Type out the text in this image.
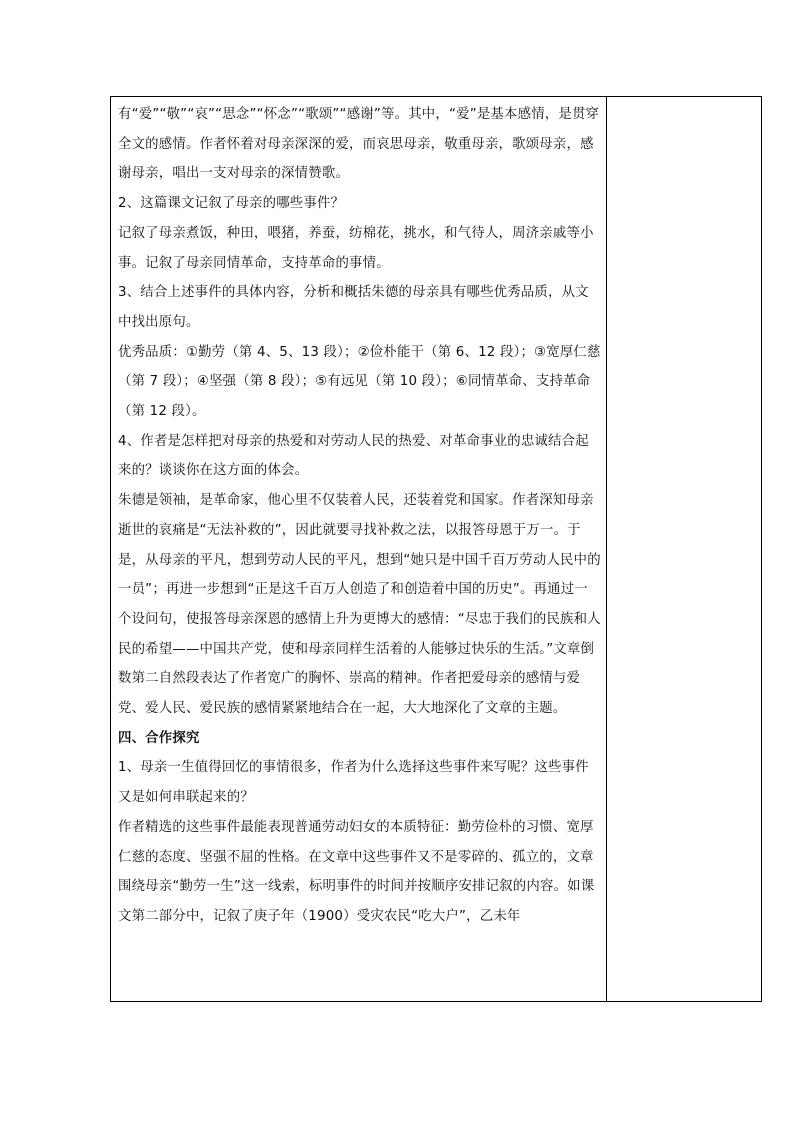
有“爱”“敬”“哀”“思念”“怀念”“歌颂”“感谢”等。其中，“爱”是基本感情，是贯穿全文的感情。作者怀着对母亲深深的爱，而哀思母亲，敬重母亲，歌颂母亲，感谢母亲，唱出一支对母亲的深情赞歌。

2、这篇课文记叙了母亲的哪些事件？

记叙了母亲煮饭，种田，喂猪，养蚕，纺棉花，挑水，和气待人，周济亲戚等小事。记叙了母亲同情革命，支持革命的事情。

3、结合上述事件的具体内容，分析和概括朱德的母亲具有哪些优秀品质，从文中找出原句。

优秀品质：①勤劳（第 4、5、13 段）；②俭朴能干（第 6、12 段）；③宽厚仁慈（第 7 段）；④坚强（第 8 段）；⑤有远见（第 10 段）；⑥同情革命、支持革命（第 12 段）。

4、作者是怎样把对母亲的热爱和对劳动人民的热爱、对革命事业的忠诚结合起来的？谈谈你在这方面的体会。

朱德是领袖，是革命家，他心里不仅装着人民，还装着党和国家。作者深知母亲逝世的哀痛是“无法补救的”，因此就要寻找补救之法，以报答母恩于万一。于是，从母亲的平凡，想到劳动人民的平凡，想到“她只是中国千百万劳动人民中的一员”；再进一步想到“正是这千百万人创造了和创造着中国的历史”。再通过一个设问句，使报答母亲深恩的感情上升为更博大的感情：“尽忠于我们的民族和人民的希望——中国共产党，使和母亲同样生活着的人能够过快乐的生活。”文章倒数第二自然段表达了作者宽广的胸怀、崇高的精神。作者把爱母亲的感情与爱党、爱人民、爱民族的感情紧紧地结合在一起，大大地深化了文章的主题。

四、合作探究

1、母亲一生值得回忆的事情很多，作者为什么选择这些事件来写呢？这些事件又是如何串联起来的？

作者精选的这些事件最能表现普通劳动妇女的本质特征：勤劳俭朴的习惯、宽厚仁慈的态度、坚强不屈的性格。在文章中这些事件又不是零碎的、孤立的，文章围绕母亲“勤劳一生”这一线索，标明事件的时间并按顺序安排记叙的内容。如课文第二部分中，记叙了庚子年（1900）受灾农民“吃大户”，乙未年
